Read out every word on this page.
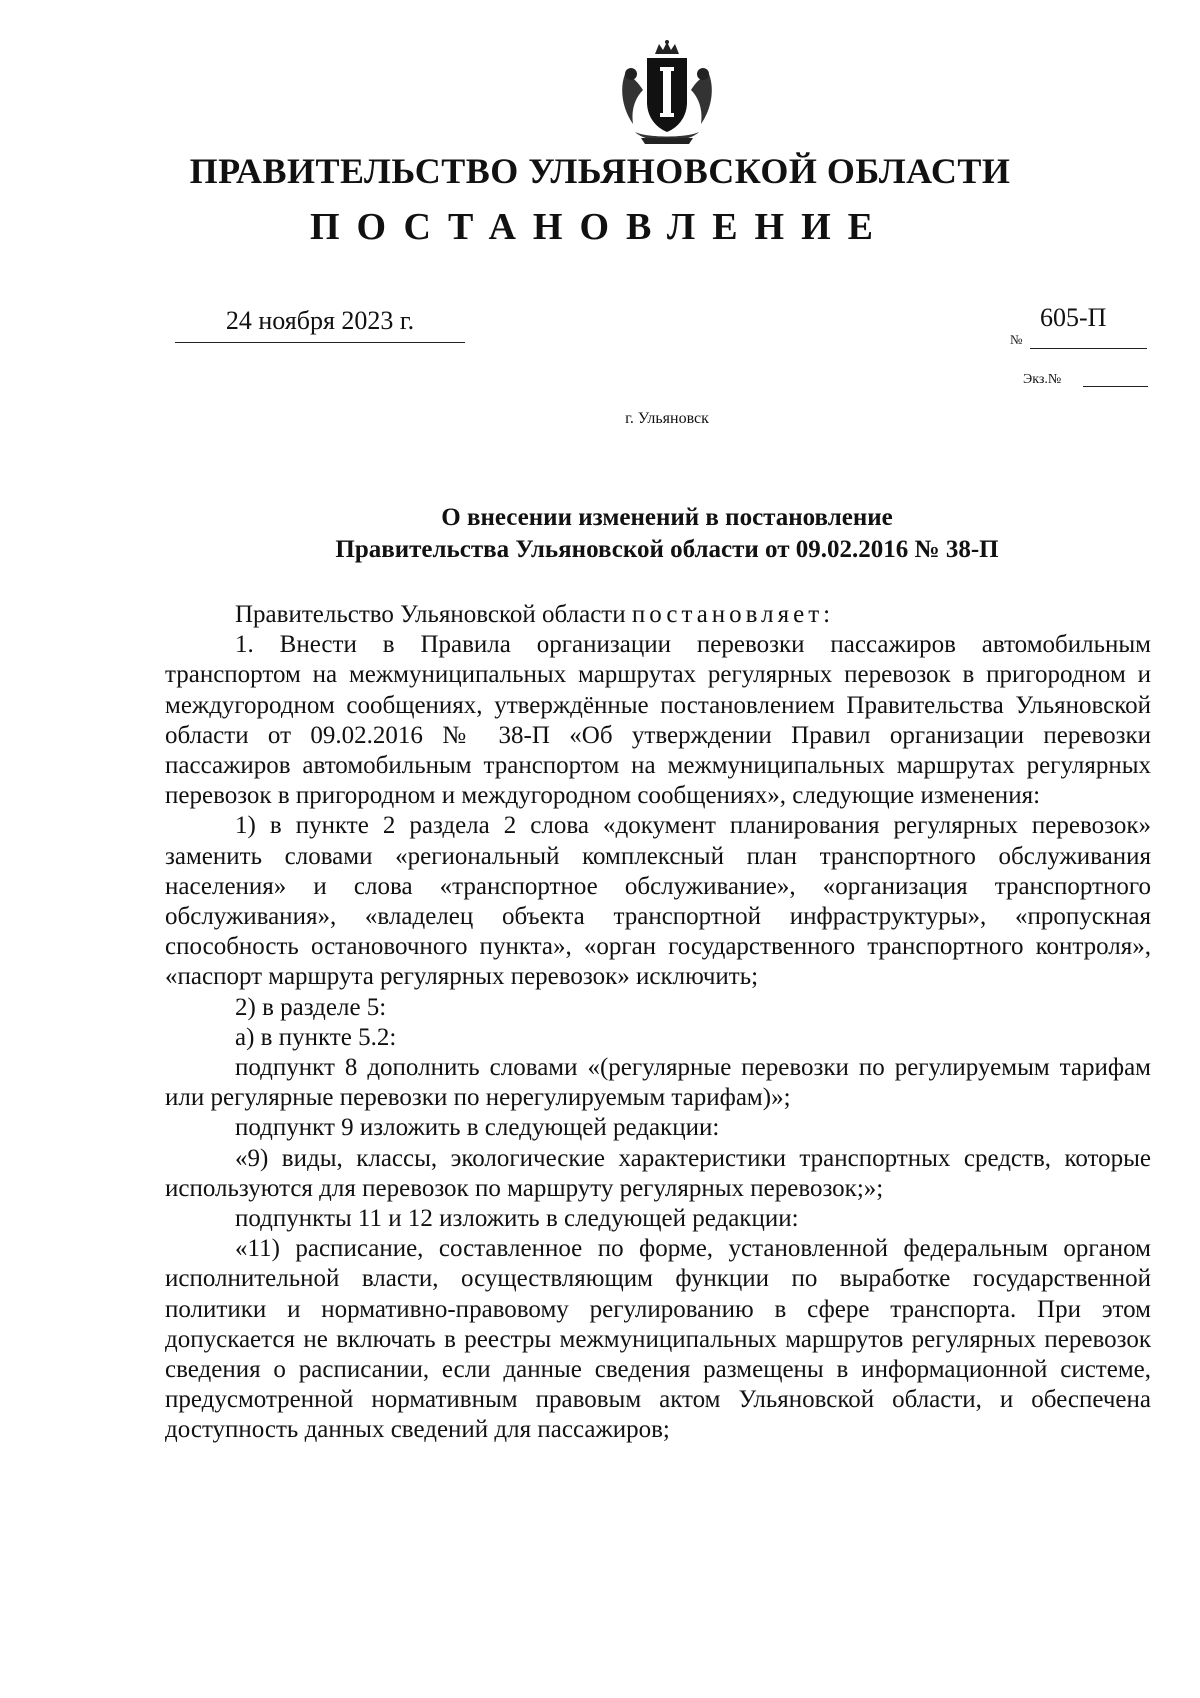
ПРАВИТЕЛЬСТВО УЛЬЯНОВСКОЙ ОБЛАСТИ
ПОСТАНОВЛЕНИЕ
24 ноября 2023 г.
№
605-П
Экз.№
г. Ульяновск
О внесении изменений в постановление
Правительства Ульяновской области от 09.02.2016 № 38-П

Правительство Ульяновской области постановляет:

1. Внести в Правила организации перевозки пассажиров автомобильным транспортом на межмуниципальных маршрутах регулярных перевозок в пригородном и междугородном сообщениях, утверждённые постановлением Правительства Ульяновской области от 09.02.2016 № 38-П «Об утверждении Правил организации перевозки пассажиров автомобильным транспортом на межмуниципальных маршрутах регулярных перевозок в пригородном и междугородном сообщениях», следующие изменения:

1) в пункте 2 раздела 2 слова «документ планирования регулярных перевозок» заменить словами «региональный комплексный план транспортного обслуживания населения» и слова «транспортное обслуживание», «организация транспортного обслуживания», «владелец объекта транспортной инфраструктуры», «пропускная способность остановочного пункта», «орган государственного транспортного контроля», «паспорт маршрута регулярных перевозок» исключить;

2) в разделе 5:

а) в пункте 5.2:

подпункт 8 дополнить словами «(регулярные перевозки по регулируемым тарифам или регулярные перевозки по нерегулируемым тарифам)»;

подпункт 9 изложить в следующей редакции:

«9) виды, классы, экологические характеристики транспортных средств, которые используются для перевозок по маршруту регулярных перевозок;»;

подпункты 11 и 12 изложить в следующей редакции:

«11) расписание, составленное по форме, установленной федеральным органом исполнительной власти, осуществляющим функции по выработке государственной политики и нормативно-правовому регулированию в сфере транспорта. При этом допускается не включать в реестры межмуниципальных маршрутов регулярных перевозок сведения о расписании, если данные сведения размещены в информационной системе, предусмотренной нормативным правовым актом Ульяновской области, и обеспечена доступность данных сведений для пассажиров;
